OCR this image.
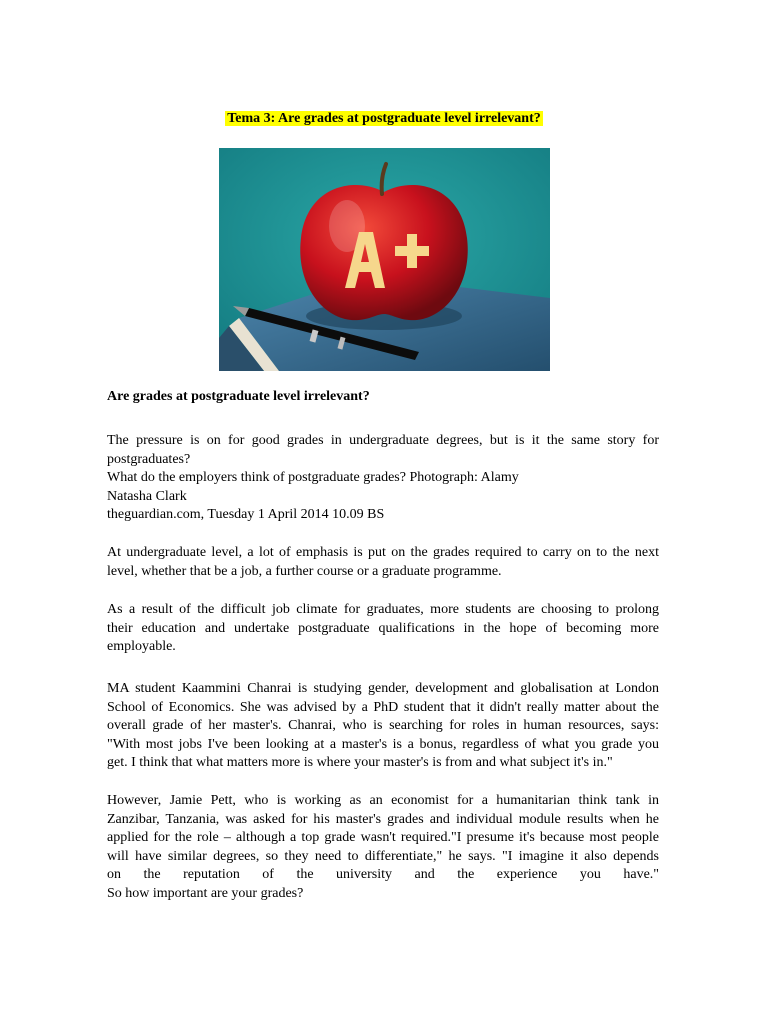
Tema 3: Are grades at postgraduate level irrelevant?
Are grades at postgraduate level irrelevant?
The pressure is on for good grades in undergraduate degrees, but is it the same story for
postgraduates?
What do the employers think of postgraduate grades? Photograph: Alamy
Natasha Clark
theguardian.com, Tuesday 1 April 2014 10.09 BS
At undergraduate level, a lot of emphasis is put on the grades required to carry on to the next
level, whether that be a job, a further course or a graduate programme.
As a result of the difficult job climate for graduates, more students are choosing to prolong
their education and undertake postgraduate qualifications in the hope of becoming more
employable.
MA student Kaammini Chanrai is studying gender, development and globalisation at London
School of Economics. She was advised by a PhD student that it didn't really matter about the
overall grade of her master's. Chanrai, who is searching for roles in human resources, says:
"With most jobs I've been looking at a master's is a bonus, regardless of what you grade you
get. I think that what matters more is where your master's is from and what subject it's in."
However, Jamie Pett, who is working as an economist for a humanitarian think tank in
Zanzibar, Tanzania, was asked for his master's grades and individual module results when he
applied for the role – although a top grade wasn't required."I presume it's because most people
will have similar degrees, so they need to differentiate," he says. "I imagine it also depends
on the reputation of the university and the experience you have."
So how important are your grades?
